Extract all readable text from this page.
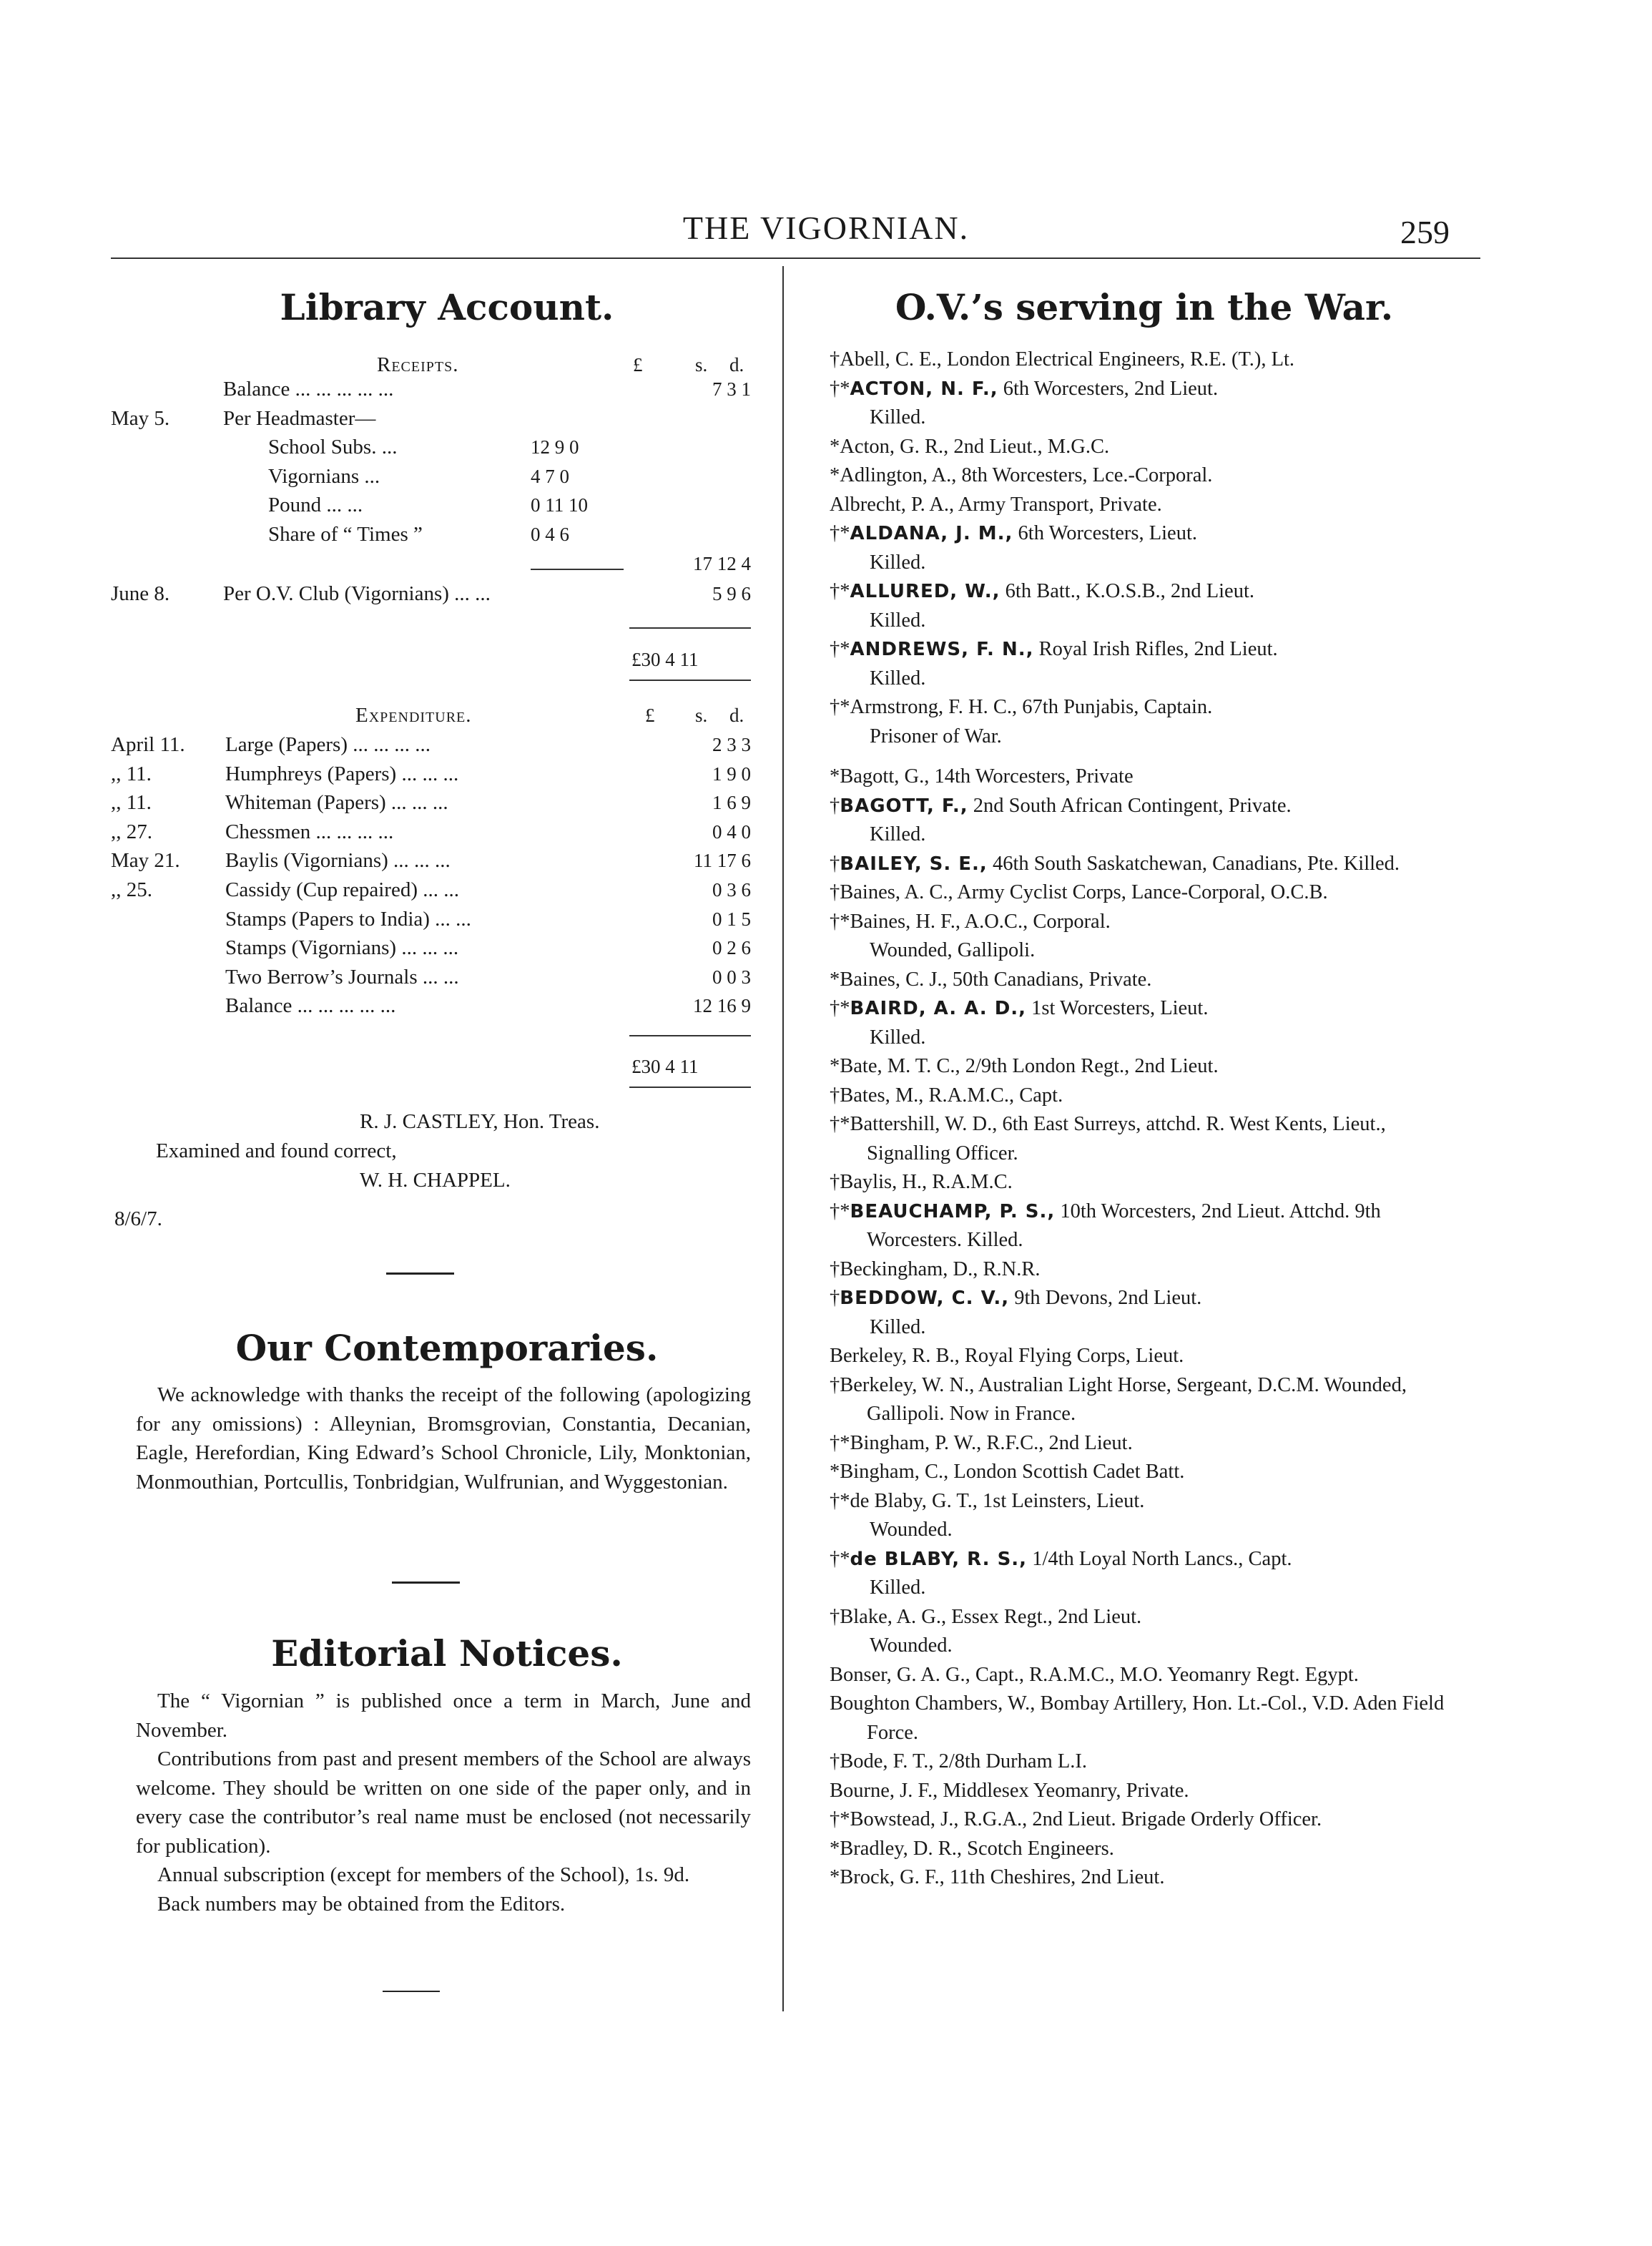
THE VIGORNIAN.	259
Library Account.
Receipts.	£	s. d.
Balance ... ... ... ... ...	7 3 1
May 5.	Per Headmaster—
School Subs. ...	12 9 0
Vigornians ...	4 7 0
Pound ... ...	0 11 10
Share of “ Times ”	0 4 6
17 12 4
June 8.	Per O.V. Club (Vigornians) ... ...	5 9 6
£30 4 11
Expenditure.	£ s. d.
April 11. Large (Papers) ... ... ... ...	2 3 3
,, 11.	Humphreys (Papers) ... ... ...	1 9 0
,, 11.	Whiteman (Papers) ... ... ...	1 6 9
,, 27.	Chessmen ... ... ... ...	0 4 0
May 21. Baylis (Vigornians) ... ... ...	11 17 6
,, 25.	Cassidy (Cup repaired) ... ...	0 3 6
Stamps (Papers to India) ... ...	0 1 5
Stamps (Vigornians) ... ... ...	0 2 6
Two Berrow’s Journals ... ...	0 0 3
Balance ... ... ... ... ...	12 16 9
£30 4 11
R. J. CASTLEY, Hon. Treas.
Examined and found correct,
W. H. CHAPPEL.
8/6/7.
Our Contemporaries.

We acknowledge with thanks the receipt of the following (apologizing for any omissions) : Alleynian, Bromsgrovian, Constantia, Decanian, Eagle, Herefordian, King Edward’s School Chronicle, Lily, Monktonian, Monmouthian, Portcullis, Tonbridgian, Wulfrunian, and Wyggestonian.

Editorial Notices.

The “ Vigornian ” is published once a term in March, June and November.

Contributions from past and present members of the School are always welcome. They should be written on one side of the paper only, and in every case the contributor’s real name must be enclosed (not necessarily for publication).

Annual subscription (except for members of the School), 1s. 9d.

Back numbers may be obtained from the Editors.

O.V.’s serving in the War.
†Abell, C. E., London Electrical Engineers, R.E. (T.), Lt.
†*ACTON, N. F., 6th Worcesters, 2nd Lieut.
Killed.
*Acton, G. R., 2nd Lieut., M.G.C.
*Adlington, A., 8th Worcesters, Lce.-Corporal.
Albrecht, P. A., Army Transport, Private.
†*ALDANA, J. M., 6th Worcesters, Lieut.
Killed.
†*ALLURED, W., 6th Batt., K.O.S.B., 2nd Lieut.
Killed.
†*ANDREWS, F. N., Royal Irish Rifles, 2nd Lieut.
Killed.
†*Armstrong, F. H. C., 67th Punjabis, Captain.
Prisoner of War.
*Bagott, G., 14th Worcesters, Private
†BAGOTT, F., 2nd South African Contingent, Private.
Killed.
†BAILEY, S. E., 46th South Saskatchewan, Canadians, Pte. Killed.
†Baines, A. C., Army Cyclist Corps, Lance-Corporal, O.C.B.
†*Baines, H. F., A.O.C., Corporal.
Wounded, Gallipoli.
*Baines, C. J., 50th Canadians, Private.
†*BAIRD, A. A. D., 1st Worcesters, Lieut.
Killed.
*Bate, M. T. C., 2/9th London Regt., 2nd Lieut.
†Bates, M., R.A.M.C., Capt.
†*Battershill, W. D., 6th East Surreys, attchd. R. West Kents, Lieut., Signalling Officer.
†Baylis, H., R.A.M.C.
†*BEAUCHAMP, P. S., 10th Worcesters, 2nd Lieut. Attchd. 9th Worcesters. Killed.
†Beckingham, D., R.N.R.
†BEDDOW, C. V., 9th Devons, 2nd Lieut.
Killed.
Berkeley, R. B., Royal Flying Corps, Lieut.
†Berkeley, W. N., Australian Light Horse, Sergeant, D.C.M. Wounded, Gallipoli. Now in France.
†*Bingham, P. W., R.F.C., 2nd Lieut.
*Bingham, C., London Scottish Cadet Batt.
†*de Blaby, G. T., 1st Leinsters, Lieut.
Wounded.
†*de BLABY, R. S., 1/4th Loyal North Lancs., Capt.
Killed.
†Blake, A. G., Essex Regt., 2nd Lieut.
Wounded.
Bonser, G. A. G., Capt., R.A.M.C., M.O. Yeomanry Regt. Egypt.
Boughton Chambers, W., Bombay Artillery, Hon. Lt.-Col., V.D. Aden Field Force.
†Bode, F. T., 2/8th Durham L.I.
Bourne, J. F., Middlesex Yeomanry, Private.
†*Bowstead, J., R.G.A., 2nd Lieut. Brigade Orderly Officer.
*Bradley, D. R., Scotch Engineers.
*Brock, G. F., 11th Cheshires, 2nd Lieut.
